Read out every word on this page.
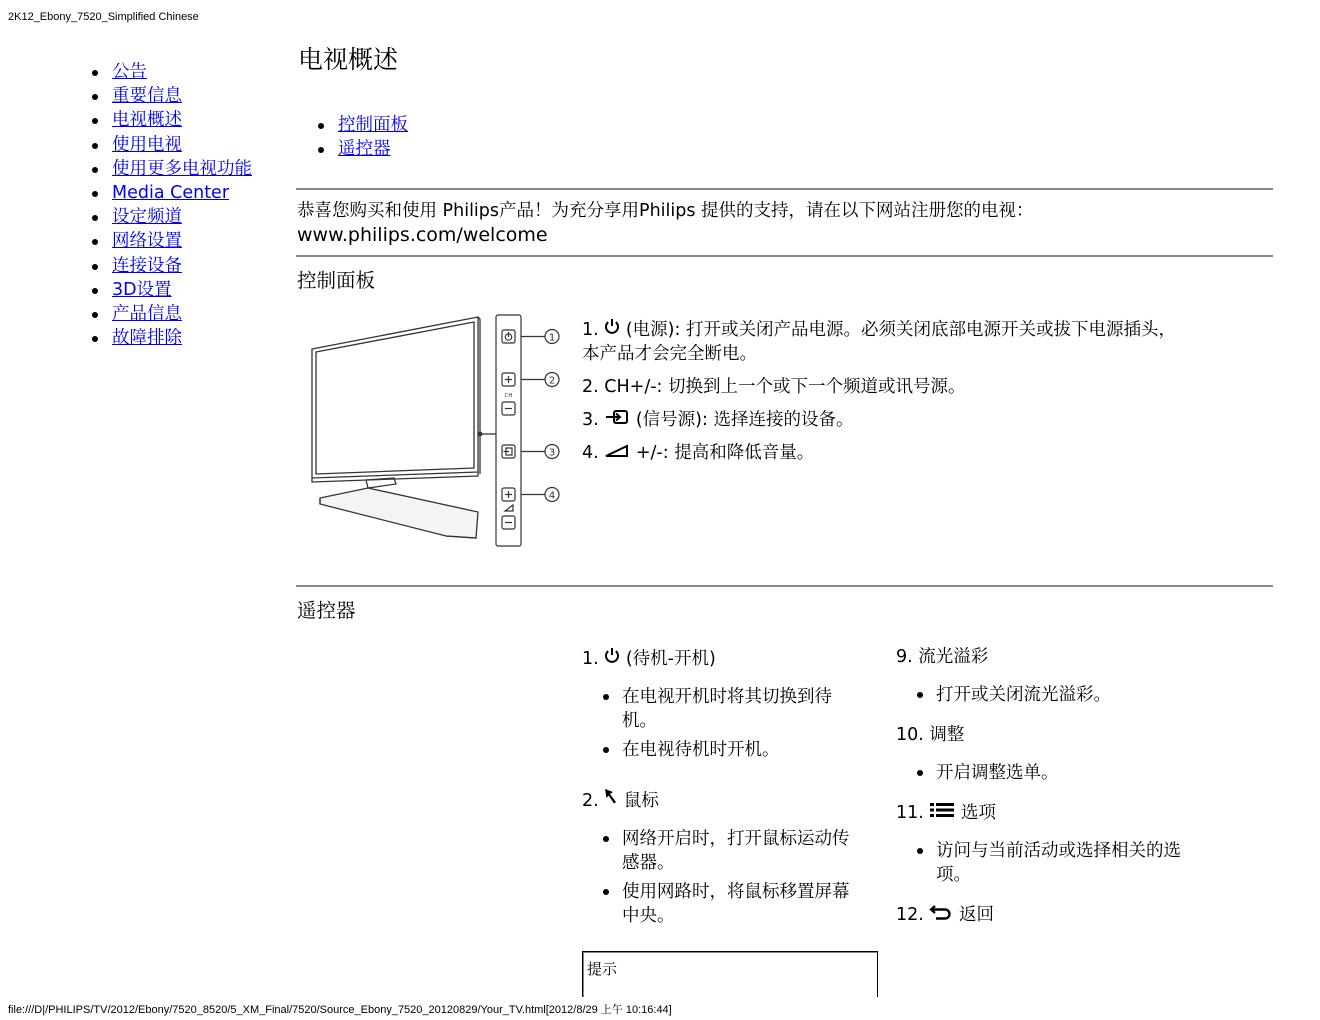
2K12_Ebony_7520_Simplified Chinese
公告
重要信息
电视概述
使用电视
使用更多电视功能
Media Center
设定频道
网络设置
连接设备
3D设置
产品信息
故障排除
电视概述
控制面板
遥控器
恭喜您购买和使用 Philips产品！为充分享用Philips 提供的支持，请在以下网站注册您的电视：
www.philips.com/welcome
控制面板
CH
1
2
3
4
1. (电源): 打开或关闭产品电源。必须关闭底部电源开关或拔下电源插头， 本产品才会完全断电。
2. CH+/-: 切换到上一个或下一个频道或讯号源。
3. (信号源): 选择连接的设备。
4. +/-: 提高和降低音量。
遥控器
1. (待机-开机)
在电视开机时将其切换到待机。
在电视待机时开机。
2. 鼠标
网络开启时，打开鼠标运动传感器。
使用网路时，将鼠标移置屏幕中央。
提示
9. 流光溢彩
打开或关闭流光溢彩。
10. 调整
开启调整选单。
11. 选项
访问与当前活动或选择相关的选项。
12. 返回
file:///D|/PHILIPS/TV/2012/Ebony/7520_8520/5_XM_Final/7520/Source_Ebony_7520_20120829/Your_TV.html[2012/8/29 上午 10:16:44]
